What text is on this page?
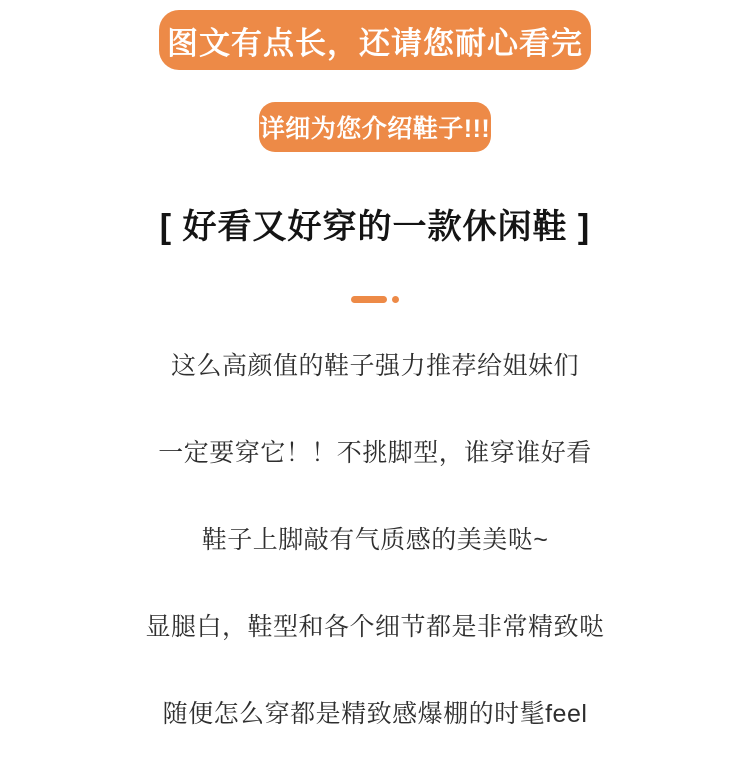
图文有点长，还请您耐心看完
详细为您介绍鞋子!!!
[ 好看又好穿的一款休闲鞋 ]

这么高颜值的鞋子强力推荐给姐妹们

一定要穿它！！不挑脚型，谁穿谁好看

鞋子上脚敲有气质感的美美哒~

显腿白，鞋型和各个细节都是非常精致哒

随便怎么穿都是精致感爆棚的时髦feel
